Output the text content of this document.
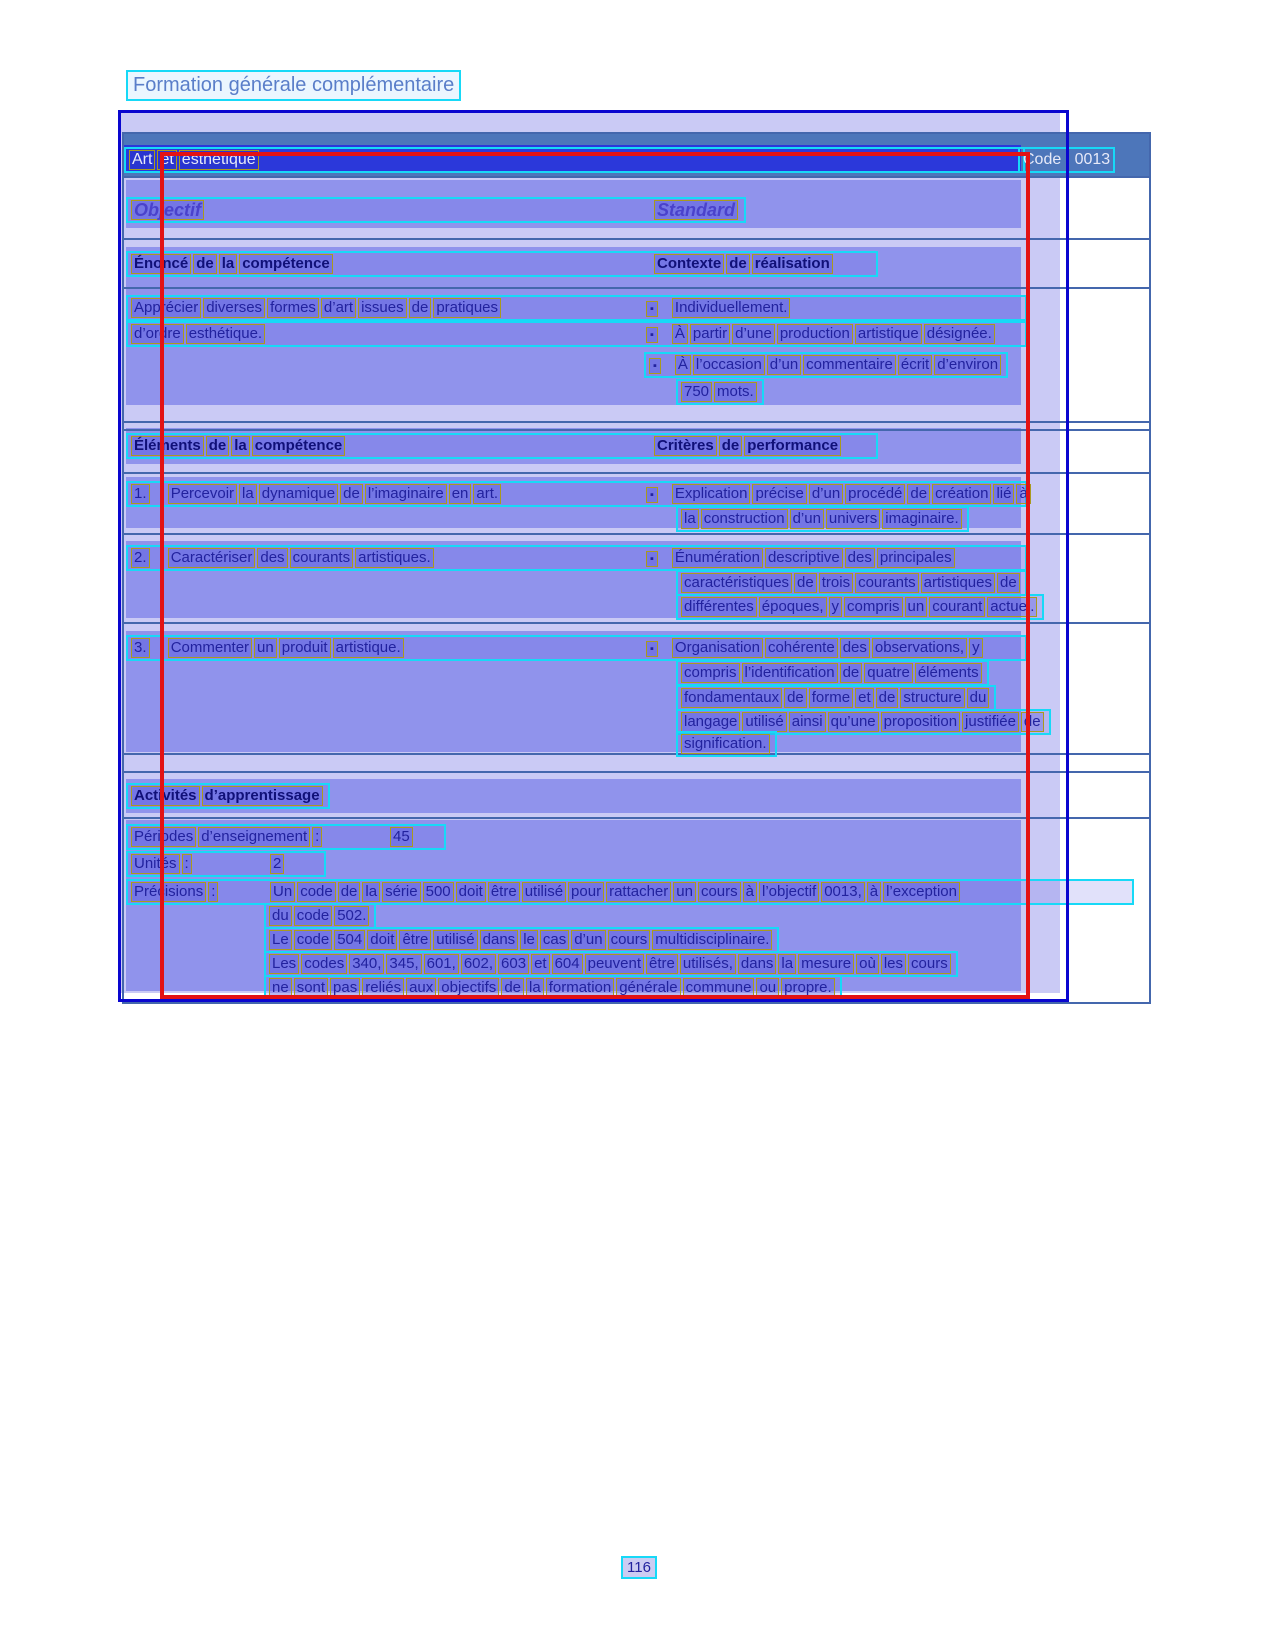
Formation générale complémentaire
Art et esthétique	Code : 0013
Objectif	Standard
Énoncé de la compétence	Contexte de réalisation
Apprécier diverses formes d’art issues de pratiques ▪	Individuellement.
d’ordre esthétique. ▪	À partir d’une production artistique désignée.
▪À l’occasion d’un commentaire écrit d’environ
750 mots.
Éléments de la compétence	Critères de performance
1. Percevoir la dynamique de l’imaginaire en art. ▪	Explication précise d’un procédé de création lié à
la construction d’un univers imaginaire.
2. Caractériser des courants artistiques. ▪	Énumération descriptive des principales
caractéristiques de trois courants artistiques de
différentes époques, y compris un courant actuel.
3. Commenter un produit artistique. ▪	Organisation cohérente des observations, y
compris l’identification de quatre éléments
fondamentaux de forme et de structure du
langage utilisé ainsi qu’une proposition justifiée de
signification.
Activités d’apprentissage
Périodes d’enseignement :	45
Unités :	2
Précisions :	Un code de la série 500 doit être utilisé pour rattacher un cours à l’objectif 0013, à l’exception
du code 502.
Le code 504 doit être utilisé dans le cas d’un cours multidisciplinaire.
Les codes 340, 345, 601, 602, 603 et 604 peuvent être utilisés, dans la mesure où les cours
ne sont pas reliés aux objectifs de la formation générale commune ou propre.
116
